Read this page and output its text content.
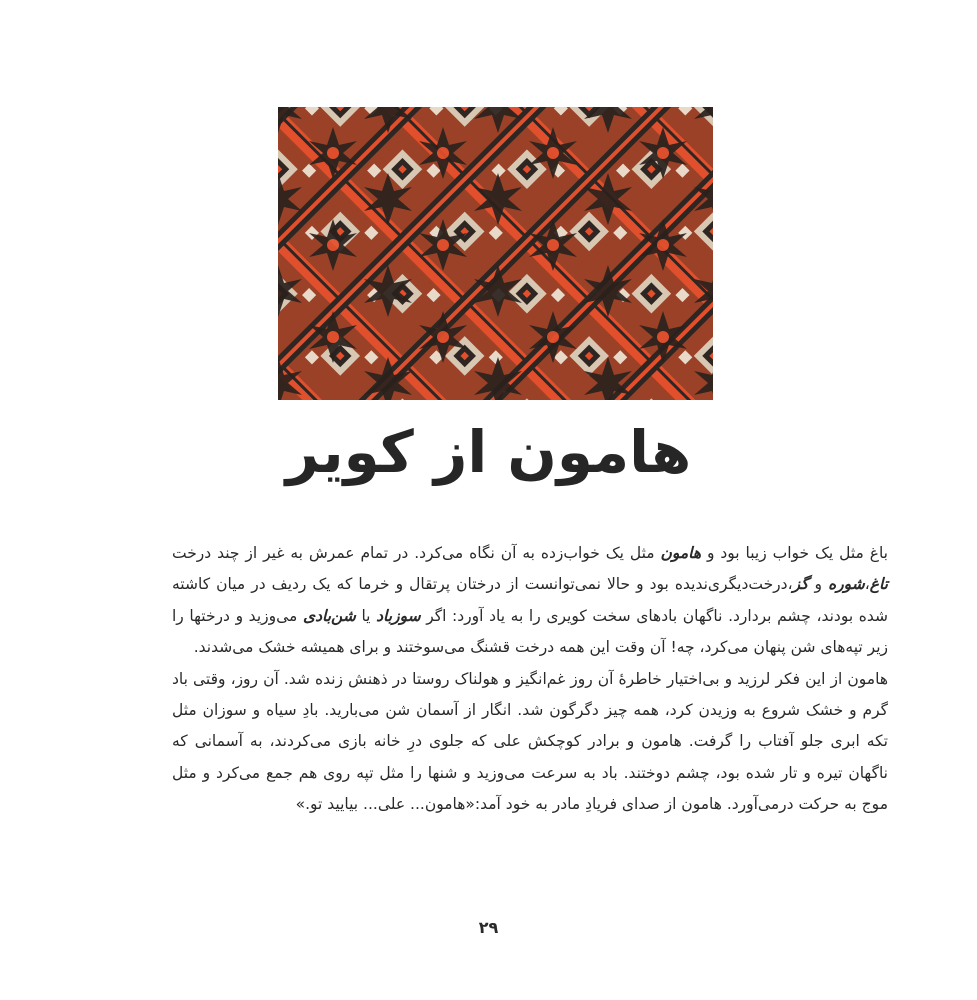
هامون از کویر

باغ مثل یک خواب زیبا بود و هامون مثل یک خواب‌زده به آن نگاه می‌کرد. در تمام عمرش به غیر از چند درخت تاغ،شوره و گز،درخت‌دیگری‌ندیده بود و حالا نمی‌توانست از درختان پرتقال و خرما که یک ردیف در میان کاشته شده بودند، چشم بردارد. ناگهان بادهای سخت کویری را به یاد آورد: اگر سوزباد یا شن‌بادی می‌وزید و درختها را زیر تپه‌های شن پنهان می‌کرد، چه! آن وقت این همه درخت قشنگ می‌سوختند و برای همیشه خشک می‌شدند.

هامون از این فکر لرزید و بی‌اختیار خاطرهٔ آن روز غم‌انگیز و هولناک روستا در ذهنش زنده شد. آن روز، وقتی باد گرم و خشک شروع به وزیدن کرد، همه چیز دگرگون شد. انگار از آسمان شن می‌بارید. بادِ سیاه و سوزان مثل تکه ابری جلو آفتاب را گرفت. هامون و برادر کوچکش علی که جلوی درِ خانه بازی می‌کردند، به آسمانی که ناگهان تیره و تار شده بود، چشم دوختند. باد به سرعت می‌وزید و شنها را مثل تپه روی هم جمع می‌کرد و مثل موج به حرکت درمی‌آورد. هامون از صدای فریادِ مادر به خود آمد:«هامون... علی... بیایید تو.»

۲۹
